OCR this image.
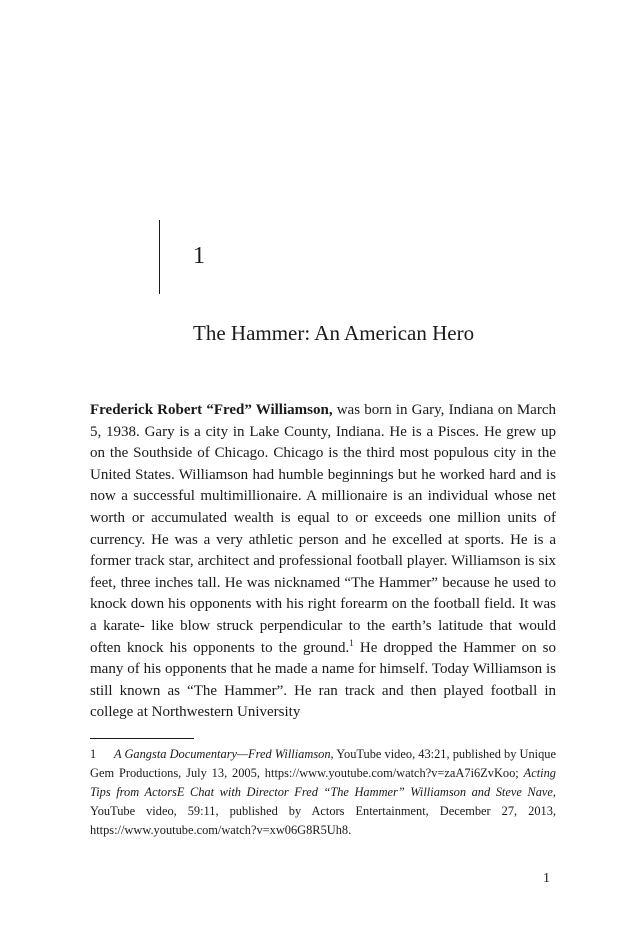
1
The Hammer: An American Hero

Frederick Robert “Fred” Williamson, was born in Gary, Indiana on March 5, 1938. Gary is a city in Lake County, Indiana. He is a Pisces. He grew up on the Southside of Chicago. Chicago is the third most populous city in the United States. Williamson had humble beginnings but he worked hard and is now a successful multimillionaire. A millionaire is an individual whose net worth or accumulated wealth is equal to or exceeds one million units of currency. He was a very athletic person and he excelled at sports. He is a former track star, architect and professional football player. Williamson is six feet, three inches tall. He was nicknamed “The Hammer” because he used to knock down his opponents with his right forearm on the football field. It was a karate- like blow struck perpendicular to the earth’s latitude that would often knock his opponents to the ground.$^1$ He dropped the Hammer on so many of his opponents that he made a name for himself. Today Williamson is still known as “The Hammer”. He ran track and then played football in college at Northwestern University

1 A Gangsta Documentary—Fred Williamson, YouTube video, 43:21, published by Unique Gem Productions, July 13, 2005, https://www.youtube.com/watch?v=zaA7i6ZvKoo; Acting Tips from ActorsE Chat with Director Fred “The Hammer” Williamson and Steve Nave, YouTube video, 59:11, published by Actors Entertainment, December 27, 2013, https://www.youtube.com/watch?v=xw06G8R5Uh8.

1
